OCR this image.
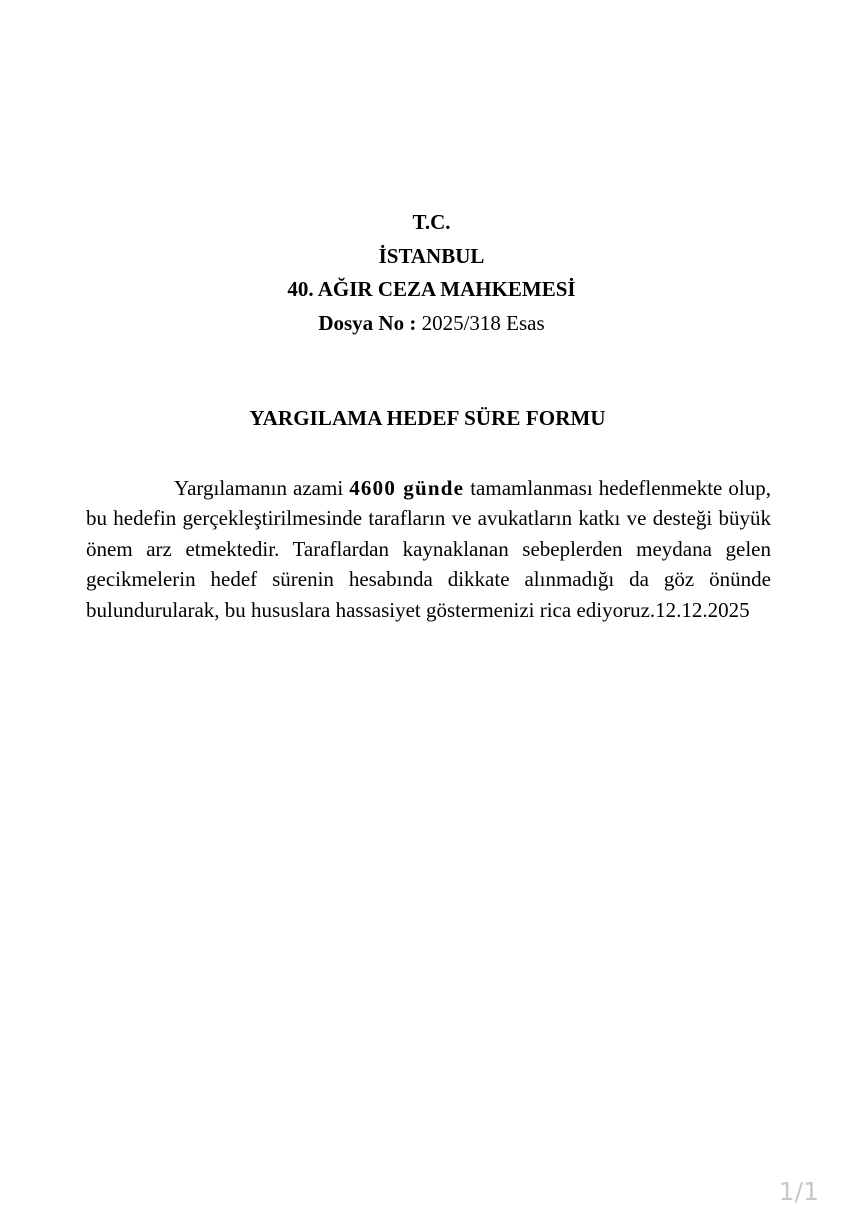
T.C.
İSTANBUL
40. AĞIR CEZA MAHKEMESİ
Dosya No : 2025/318 Esas
YARGILAMA HEDEF SÜRE FORMU
Yargılamanın azami 4600 günde tamamlanması hedeflenmekte olup, bu hedefin gerçekleştirilmesinde tarafların ve avukatların katkı ve desteği büyük önem arz etmektedir. Taraflardan kaynaklanan sebeplerden meydana gelen gecikmelerin hedef sürenin hesabında dikkate alınmadığı da göz önünde bulundurularak, bu hususlara hassasiyet göstermenizi rica ediyoruz.12.12.2025
1/1
